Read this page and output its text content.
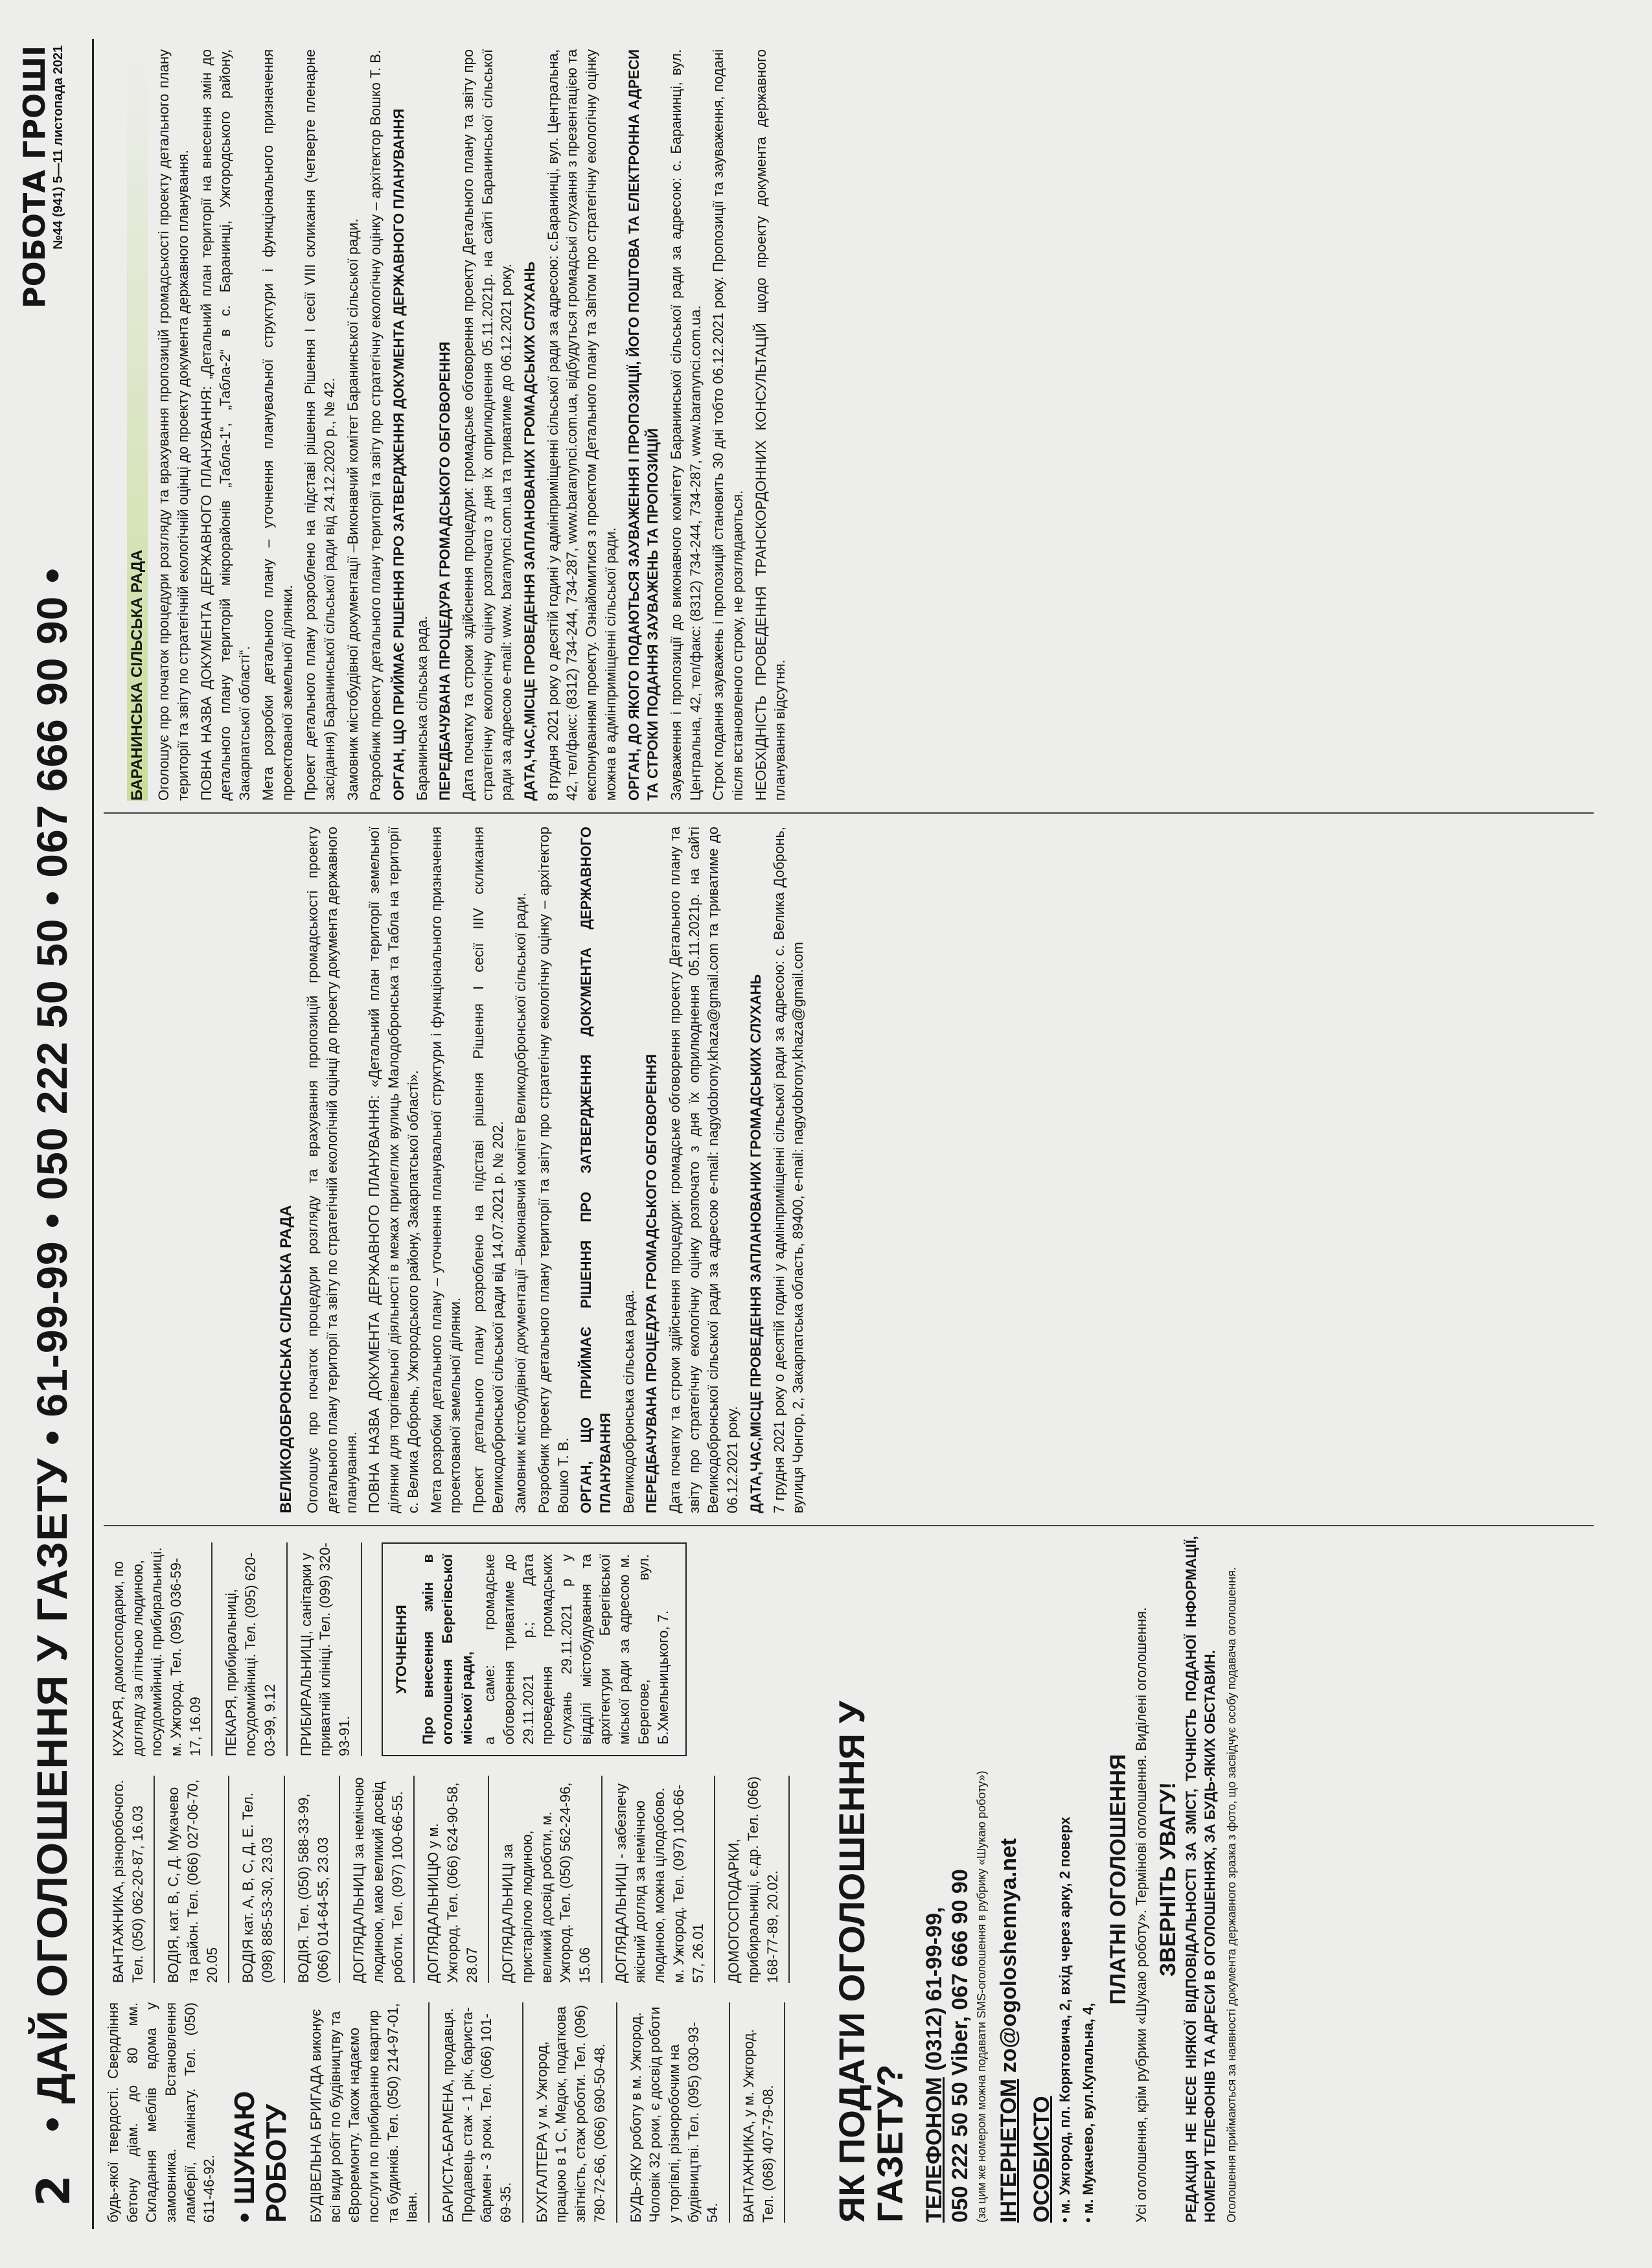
2
• ДАЙ ОГОЛОШЕННЯ У ГАЗЕТУ • 61-99-99 • 050 222 50 50 • 067 666 90 90 •
РОБОТА ГРОШІ №44 (941) 5—11 листопада 2021

будь-якої твердості. Свердління бетону діам. до 80 мм. Складання меблів вдома у замовника. Встановлення ламберії, ламінату. Тел. (050) 611-46-92. • ШУКАЮ РОБОТУ	БУДІВЕЛЬНА БРИГАДА виконує всі види робіт по будівництву та єВроремонту. Також надаємо послуги по прибиранню квартир та будинків. Тел. (050) 214-97-01, Іван.	БАРИСТА-БАРМЕНА, продавця. Продавець стаж - 1 рік, бариста-бармен - 3 роки. Тел. (066) 101-69-35.	БУХГАЛТЕРА у м. Ужгород, працюю в 1 С, Медок, податкова звітність, стаж роботи. Тел. (096) 780-72-66, (066) 690-50-48.	БУДЬ-ЯКУ роботу в м. Ужгород. Чоловік 32 роки, є досвід роботи у торгівлі, різноробочим на будівництві. Тел. (095) 030-93-54.	ВАНТАЖНИКА, у м. Ужгород. Тел. (068) 407-79-08.
ВАНТАЖНИКА, різноробочого. Тел. (050) 062-20-87, 16.03	ВОДІЯ, кат. В, С, Д. Мукачево та район. Тел. (066) 027-06-70, 20.05	ВОДІЯ кат. А, В, С, Д, Е. Тел. (098) 885-53-30, 23.03	ВОДІЯ. Тел. (050) 588-33-99, (066) 014-64-55, 23.03	ДОГЛЯДАЛЬНИЦІ за немічною людиною, маю великий досвід роботи. Тел. (097) 100-66-55.	ДОГЛЯДАЛЬНИЦЮ у м. Ужгород. Тел. (066) 624-90-58, 28.07	ДОГЛЯДАЛЬНИЦІ за пристарілою людиною, великий досвід роботи, м. Ужгород. Тел. (050) 562-24-96, 15.06	ДОГЛЯДАЛЬНИЦІ - забезпечу якісний догляд за немічною людиною, можна цілодобово. м. Ужгород. Тел. (097) 100-66-57, 26.01	ДОМОГОСПОДАРКИ, прибиральниці, є.др. Тел. (066) 168-77-89, 20.02.
КУХАРЯ, домогосподарки, по догляду за літньою людиною, посудомийниці. прибиральниці. м. Ужгород. Тел. (095) 036-59-17, 16.09	ПЕКАРЯ, прибиральниці, посудомийниці. Тел. (095) 620-03-99, 9.12	ПРИБИРАЛЬНИЦІ, санітарки у приватній клініці. Тел. (099) 320-93-91.
УТОЧНЕННЯ Про внесення змін в оголошення Берегівської міської ради, а саме: громадське обговорення триватиме до 29.11.2021 р.; Дата проведення громадських слухань 29.11.2021 р у відділі містобудування та архітектури Берегівської міської ради за адресою м. Берегове, вул. Б.Хмельницького, 7.

ЯК ПОДАТИ ОГОЛОШЕННЯ У ГАЗЕТУ? ТЕЛЕФОНОМ (0312) 61-99-99, 050 222 50 50 Viber, 067 666 90 90 (за цим же номером можна подавати SMS-оголошення в рубрику «Шукаю роботу») ІНТЕРНЕТОМ zo@ogoloshennya.net
ОСОБИСТО • м. Ужгород, пл. Корятовича, 2, вхід через арку, 2 поверх • м. Мукачево, вул.Купальна, 4,

ПЛАТНІ ОГОЛОШЕННЯ Усі оголошення, крім рубрики «Шукаю роботу». Термінові оголошення. Виділені оголошення. ЗВЕРНІТЬ УВАГУ! РЕДАКЦІЯ НЕ НЕСЕ НІЯКОЇ ВІДПОВІДАЛЬНОСТІ ЗА ЗМІСТ, ТОЧНІСТЬ ПОДАНОЇ ІНФОРМАЦІЇ, НОМЕРИ ТЕЛЕФОНІВ ТА АДРЕСИ В ОГОЛОШЕННЯХ, ЗА БУДЬ-ЯКИХ ОБСТАВИН. Оголошення приймаються за наявності документа державного зразка з фото, що засвідчує особу подавача оголошення.

ВЕЛИКОДОБРОНСЬКА СІЛЬСЬКА РАДА Оголошує про початок процедури розгляду та врахування пропозицій громадськості проекту детального плану території та звіту по стратегічній екологічній оцінці до проекту документа державного планування. ПОВНА НАЗВА ДОКУМЕНТА ДЕРЖАВНОГО ПЛАНУВАННЯ: «Детальний план території земельної ділянки для торгівельної діяльності в межах прилеглих вулиць Малодобронська та Табла на території с. Велика Добронь, Ужгородського району, Закарпатської області». Мета розробки детального плану – уточнення планувальної структури і функціонального призначення проектованої земельної ділянки. Проект детального плану розроблено на підставі рішення Рішення І сесії ІІІV скликання Великодобронської сільської ради від 14.07.2021 р. № 202. Замовник містобудівної документації –Виконавчий комітет Великодобронської сільської ради. Розробник проекту детального плану території та звіту про стратегічну екологічну оцінку – архітектор Вошко Т. В. ОРГАН, ЩО ПРИЙМАЄ РІШЕННЯ ПРО ЗАТВЕРДЖЕННЯ ДОКУМЕНТА ДЕРЖАВНОГО ПЛАНУВАННЯ Великодобронська сільська рада. ПЕРЕДБАЧУВАНА ПРОЦЕДУРА ГРОМАДСЬКОГО ОБГОВОРЕННЯ Дата початку та строки здійснення процедури: громадське обговорення проекту Детального плану та звіту про стратегічну екологічну оцінку розпочато з дня їх оприлюднення 05.11.2021р. на сайті Великодобронської сільської ради за адресою e-mail: nagydobrony.khaza@gmail.com та триватиме до 06.12.2021 року. ДАТА,ЧАС,МІСЦЕ ПРОВЕДЕННЯ ЗАПЛАНОВАНИХ ГРОМАДСЬКИХ СЛУХАНЬ 7 грудня 2021 року о десятій годині у адмінприміщенні сільської ради за адресою: с. Велика Добронь, вулиця Чонгор, 2, Закарпатська область, 89400, e-mail: nagydobrony.khaza@gmail.com

БАРАНИНСЬКА СІЛЬСЬКА РАДА Оголошує про початок процедури розгляду та врахування пропозицій громадськості проекту детального плану території та звіту по стратегічній екологічній оцінці до проекту документа державного планування. ПОВНА НАЗВА ДОКУМЕНТА ДЕРЖАВНОГО ПЛАНУВАННЯ: „Детальний план території на внесення змін до детального плану територій мікрорайонів „Табла-1“, „Табла-2“ в с. Баранинці, Ужгородського району, Закарпатської області“. Мета розробки детального плану – уточнення планувальної структури і функціонального призначення проектованої земельної ділянки. Проект детального плану розроблено на підставі рішення Рішення І сесії VIII скликання (четверте пленарне засідання) Баранинської сільської ради від 24.12.2020 р., № 42. Замовник містобудівної документації –Виконавчий комітет Баранинської сільської ради. Розробник проекту детального плану території та звіту про стратегічну екологічну оцінку – архітектор Вошко Т. В. ОРГАН, ЩО ПРИЙМАЄ РІШЕННЯ ПРО ЗАТВЕРДЖЕННЯ ДОКУМЕНТА ДЕРЖАВНОГО ПЛАНУВАННЯ Баранинська сільська рада. ПЕРЕДБАЧУВАНА ПРОЦЕДУРА ГРОМАДСЬКОГО ОБГОВОРЕННЯ Дата початку та строки здійснення процедури: громадське обговорення проекту Детального плану та звіту про стратегічну екологічну оцінку розпочато з дня їх оприлюднення 05.11.2021р. на сайті Баранинської сільської ради за адресою e-mail: www. baranynci.com.ua та триватиме до 06.12.2021 року. ДАТА,ЧАС,МІСЦЕ ПРОВЕДЕННЯ ЗАПЛАНОВАНИХ ГРОМАДСЬКИХ СЛУХАНЬ 8 грудня 2021 року о десятій годині у адмінприміщенні сільської ради за адресою: с.Баранинці, вул. Центральна, 42, тел/факс: (8312) 734-244, 734-287, www.baranynci.com.ua, відбудуться громадські слухання з презентацією та експонуванням проекту. Ознайомитися з проектом Детального плану та Звітом про стратегічну екологічну оцінку можна в адмінприміщенні сільської ради. ОРГАН, ДО ЯКОГО ПОДАЮТЬСЯ ЗАУВАЖЕННЯ І ПРОПОЗИЦІЇ, ЙОГО ПОШТОВА ТА ЕЛЕКТРОННА АДРЕСИ ТА СТРОКИ ПОДАННЯ ЗАУВАЖЕНЬ ТА ПРОПОЗИЦІЙ Зауваження і пропозиції до виконавчого комітету Баранинської сільської ради за адресою: с. Баранинці, вул. Центральна, 42, тел/факс: (8312) 734-244, 734-287, www.baranynci.com.ua. Строк подання зауважень і пропозицій становить 30 дні тобто 06.12.2021 року. Пропозиції та зауваження, подані після встановленого строку, не розглядаються. НЕОБХІДНІСТЬ ПРОВЕДЕННЯ ТРАНСКОРДОННИХ КОНСУЛЬТАЦІЙ щодо проекту документа державного планування відсутня.
